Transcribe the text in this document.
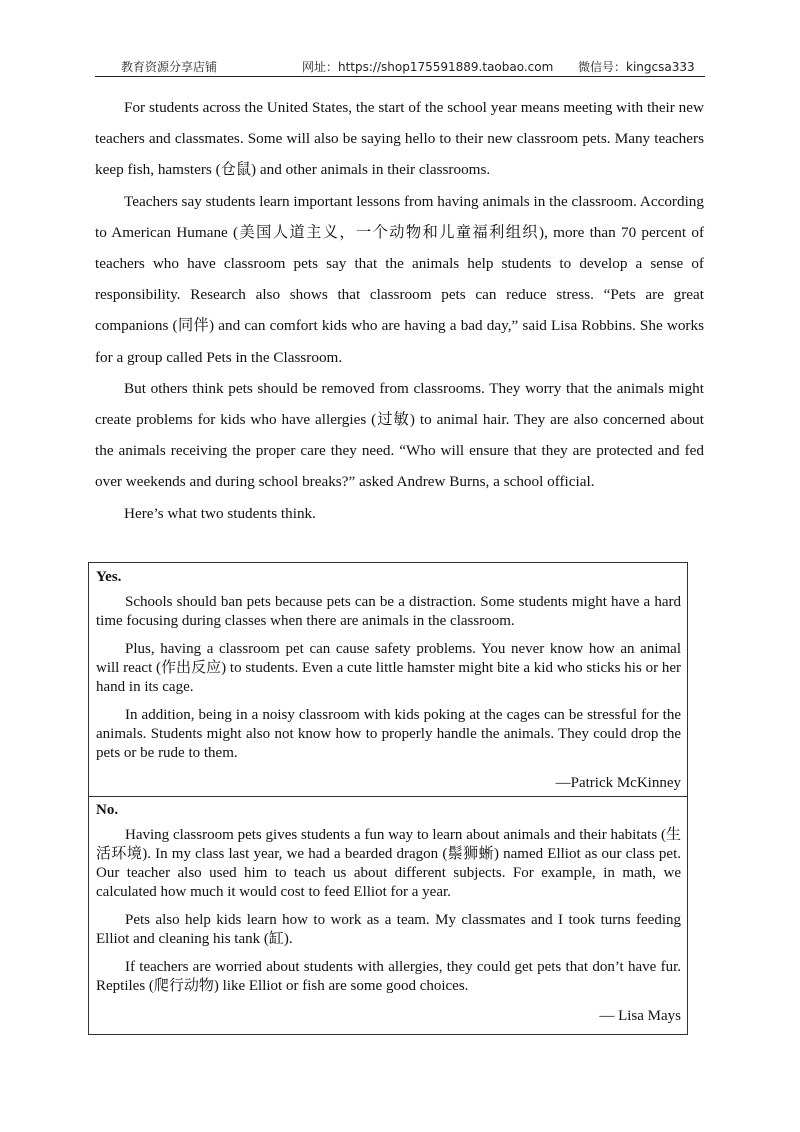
教育资源分享店铺	网址：https://shop175591889.taobao.com 微信号：kingcsa333

For students across the United States, the start of the school year means meeting with their new teachers and classmates. Some will also be saying hello to their new classroom pets. Many teachers keep fish, hamsters (仓鼠) and other animals in their classrooms.

Teachers say students learn important lessons from having animals in the classroom. According to American Humane (美国人道主义，一个动物和儿童福利组织), more than 70 percent of teachers who have classroom pets say that the animals help students to develop a sense of responsibility. Research also shows that classroom pets can reduce stress. “Pets are great companions (同伴) and can comfort kids who are having a bad day,” said Lisa Robbins. She works for a group called Pets in the Classroom.

But others think pets should be removed from classrooms. They worry that the animals might create problems for kids who have allergies (过敏) to animal hair. They are also concerned about the animals receiving the proper care they need. “Who will ensure that they are protected and fed over weekends and during school breaks?” asked Andrew Burns, a school official.

Here’s what two students think.

Yes.

Schools should ban pets because pets can be a distraction. Some students might have a hard time focusing during classes when there are animals in the classroom.

Plus, having a classroom pet can cause safety problems. You never know how an animal will react (作出反应) to students. Even a cute little hamster might bite a kid who sticks his or her hand in its cage.

In addition, being in a noisy classroom with kids poking at the cages can be stressful for the animals. Students might also not know how to properly handle the animals. They could drop the pets or be rude to them.

—Patrick McKinney
No.

Having classroom pets gives students a fun way to learn about animals and their habitats (生活环境). In my class last year, we had a bearded dragon (鬃狮蜥) named Elliot as our class pet. Our teacher also used him to teach us about different subjects. For example, in math, we calculated how much it would cost to feed Elliot for a year.

Pets also help kids learn how to work as a team. My classmates and I took turns feeding Elliot and cleaning his tank (缸).

If teachers are worried about students with allergies, they could get pets that don’t have fur. Reptiles (爬行动物) like Elliot or fish are some good choices.

— Lisa Mays
